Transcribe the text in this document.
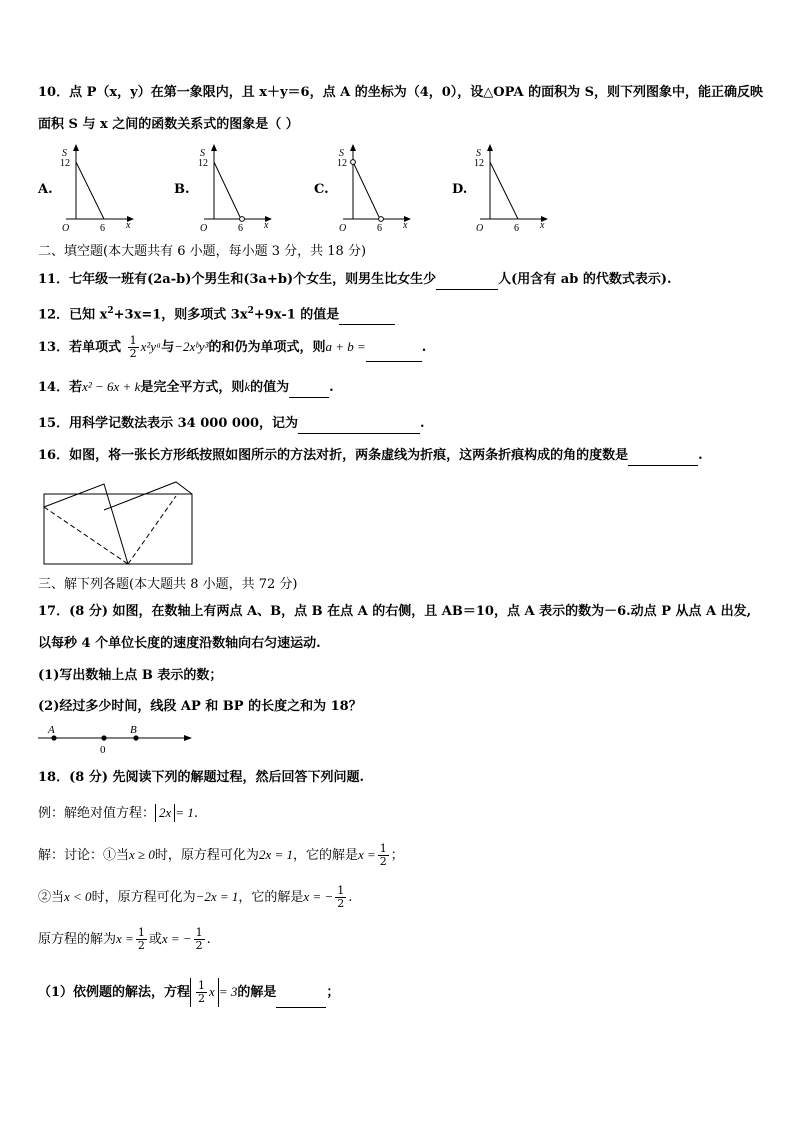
10．点 P（x，y）在第一象限内，且 x＋y＝6，点 A 的坐标为（4，0），设△OPA 的面积为 S，则下列图象中，能正确反映
面积 S 与 x 之间的函数关系式的图象是（ ）
A.	B.	C.	D.
S
12
O	6 x
S
12
O	6 x
S
12
O	6 x
S
12
O	6 x
二、填空题(本大题共有 6 小题，每小题 3 分，共 18 分)
11．七年级一班有(2a-b)个男生和(3a+b)个女生，则男生比女生少	人(用含有 ab 的代数式表示).
12．已知 $x^2+3x=1$，则多项式 $3x^2+9x-1$ 的值是
13．若单项式 $\frac{1}{2}$ x²yᵃ与−2xᵇy³的和仍为单项式，则a + b =	.
14．若x² − 6x + k是完全平方式，则k的值为	.
15．用科学记数法表示 34 000 000，记为	.
16．如图，将一张长方形纸按照如图所示的方法对折，两条虚线为折痕，这两条折痕构成的角的度数是	.
三、解下列各题(本大题共 8 小题，共 72 分)
17．(8 分) 如图，在数轴上有两点 A、B，点 B 在点 A 的右侧，且 AB＝10，点 A 表示的数为－6.动点 P 从点 A 出发,
以每秒 4 个单位长度的速度沿数轴向右匀速运动.
(1)写出数轴上点 B 表示的数；
(2)经过多少时间，线段 AP 和 BP 的长度之和为 18？
A	B
0
18．(8 分) 先阅读下列的解题过程，然后回答下列问题.
例：解绝对值方程： 2x = 1.
解：讨论：①当x ≥ 0时，原方程可化为2x = 1，它的解是$x = \frac{1}{2}$ ；
②当x < 0时，原方程可化为−2x = 1，它的解是x = − $\frac{1}{2}$ .
原方程的解为$x = \frac{1}{2}$ 或x = − $\frac{1}{2}$ .
（1）依例题的解法，方程 $\frac{1}{2}$ x = 3的解是	；
